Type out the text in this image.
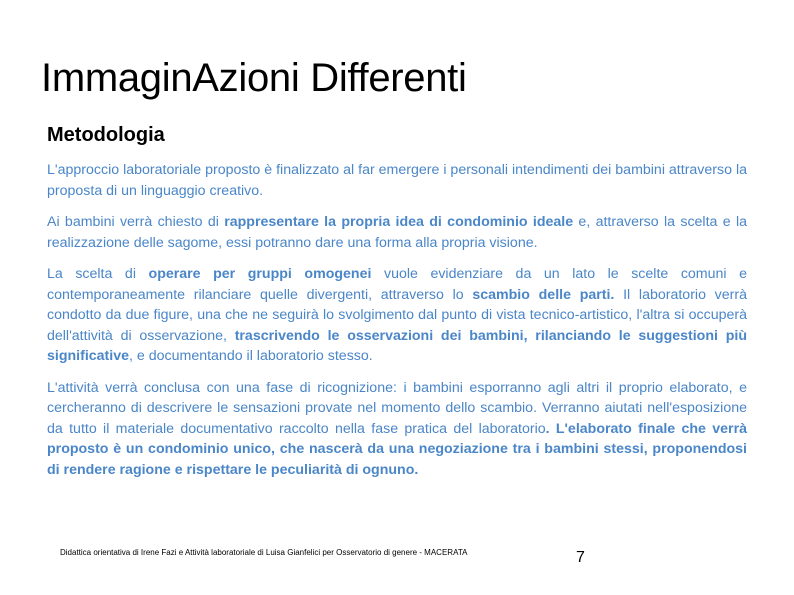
ImmaginAzioni Differenti
Metodologia

L'approccio laboratoriale proposto è finalizzato al far emergere i personali intendimenti dei bambini attraverso la proposta di un linguaggio creativo.

Ai bambini verrà chiesto di rappresentare la propria idea di condominio ideale e, attraverso la scelta e la realizzazione delle sagome, essi potranno dare una forma alla propria visione.

La scelta di operare per gruppi omogenei vuole evidenziare da un lato le scelte comuni e contemporaneamente rilanciare quelle divergenti, attraverso lo scambio delle parti. Il laboratorio verrà condotto da due figure, una che ne seguirà lo svolgimento dal punto di vista tecnico-artistico, l'altra si occuperà dell'attività di osservazione, trascrivendo le osservazioni dei bambini, rilanciando le suggestioni più significative, e documentando il laboratorio stesso.

L'attività verrà conclusa con una fase di ricognizione: i bambini esporranno agli altri il proprio elaborato, e cercheranno di descrivere le sensazioni provate nel momento dello scambio. Verranno aiutati nell'esposizione da tutto il materiale documentativo raccolto nella fase pratica del laboratorio. L'elaborato finale che verrà proposto è un condominio unico, che nascerà da una negoziazione tra i bambini stessi, proponendosi di rendere ragione e rispettare le peculiarità di ognuno.

Didattica orientativa di Irene Fazi e Attività laboratoriale di Luisa Gianfelici per Osservatorio di genere - MACERATA	7
